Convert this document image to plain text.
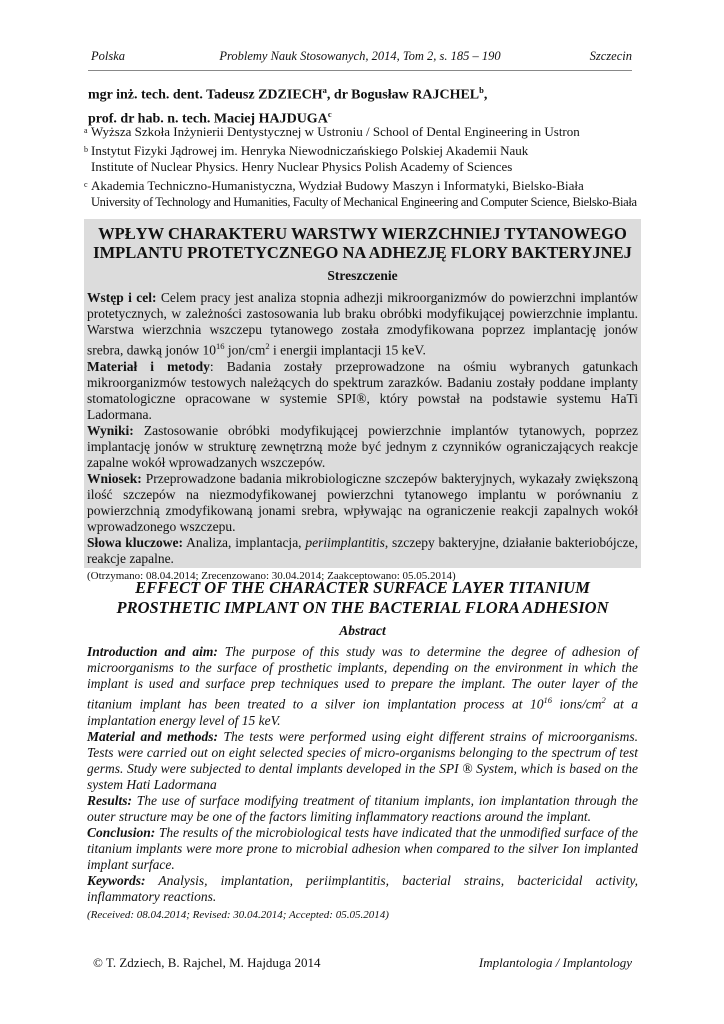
Polska	Problemy Nauk Stosowanych, 2014, Tom 2, s. 185 – 190	Szczecin
mgr inż. tech. dent. Tadeusz ZDZIECH$^a$, dr Bogusław RAJCHEL$^b$,
prof. dr hab. n. tech. Maciej HAJDUGA$^c$
a Wyższa Szkoła Inżynierii Dentystycznej w Ustroniu / School of Dental Engineering in Ustron
b Instytut Fizyki Jądrowej im. Henryka Niewodniczańskiego Polskiej Akademii Nauk
Institute of Nuclear Physics. Henry Nuclear Physics Polish Academy of Sciences
c Akademia Techniczno-Humanistyczna, Wydział Budowy Maszyn i Informatyki, Bielsko-Biała
University of Technology and Humanities, Faculty of Mechanical Engineering and Computer Science, Bielsko-Biała
WPŁYW CHARAKTERU WARSTWY WIERZCHNIEJ TYTANOWEGO
IMPLANTU PROTETYCZNEGO NA ADHEZJĘ FLORY BAKTERYJNEJ
Streszczenie

Wstęp i cel: Celem pracy jest analiza stopnia adhezji mikroorganizmów do powierzchni implantów protetycznych, w zależności zastosowania lub braku obróbki modyfikującej powierzchnie implantu. Warstwa wierzchnia wszczepu tytanowego została zmodyfikowana poprzez implantację jonów srebra, dawką jonów $10^{16}$ jon/$cm^2$ i energii implantacji 15 keV.

Materiał i metody: Badania zostały przeprowadzone na ośmiu wybranych gatunkach mikroorganizmów testowych należących do spektrum zarazków. Badaniu zostały poddane implanty stomatologiczne opracowane w systemie SPI®, który powstał na podstawie systemu HaTi Ladormana.

Wyniki: Zastosowanie obróbki modyfikującej powierzchnie implantów tytanowych, poprzez implantację jonów w strukturę zewnętrzną może być jednym z czynników ograniczających reakcje zapalne wokół wprowadzanych wszczepów.

Wniosek: Przeprowadzone badania mikrobiologiczne szczepów bakteryjnych, wykazały zwiększoną ilość szczepów na niezmodyfikowanej powierzchni tytanowego implantu w porównaniu z powierzchnią zmodyfikowaną jonami srebra, wpływając na ograniczenie reakcji zapalnych wokół wprowadzonego wszczepu.

Słowa kluczowe: Analiza, implantacja, periimplantitis, szczepy bakteryjne, działanie bakteriobójcze, reakcje zapalne.

(Otrzymano: 08.04.2014; Zrecenzowano: 30.04.2014; Zaakceptowano: 05.05.2014)

EFFECT OF THE CHARACTER SURFACE LAYER TITANIUM
PROSTHETIC IMPLANT ON THE BACTERIAL FLORA ADHESION
Abstract

Introduction and aim: The purpose of this study was to determine the degree of adhesion of microorganisms to the surface of prosthetic implants, depending on the environment in which the implant is used and surface prep techniques used to prepare the implant. The outer layer of the titanium implant has been treated to a silver ion implantation process at $10^{16}$ ions/$cm^2$ at a implantation energy level of 15 keV.

Material and methods: The tests were performed using eight different strains of microorganisms. Tests were carried out on eight selected species of micro-organisms belonging to the spectrum of test germs. Study were subjected to dental implants developed in the SPI ® System, which is based on the system Hati Ladormana

Results: The use of surface modifying treatment of titanium implants, ion implantation through the outer structure may be one of the factors limiting inflammatory reactions around the implant.

Conclusion: The results of the microbiological tests have indicated that the unmodified surface of the titanium implants were more prone to microbial adhesion when compared to the silver Ion implanted implant surface.

Keywords: Analysis, implantation, periimplantitis, bacterial strains, bactericidal activity, inflammatory reactions.

(Received: 08.04.2014; Revised: 30.04.2014; Accepted: 05.05.2014)

© T. Zdziech, B. Rajchel, M. Hajduga 2014	Implantologia / Implantology
